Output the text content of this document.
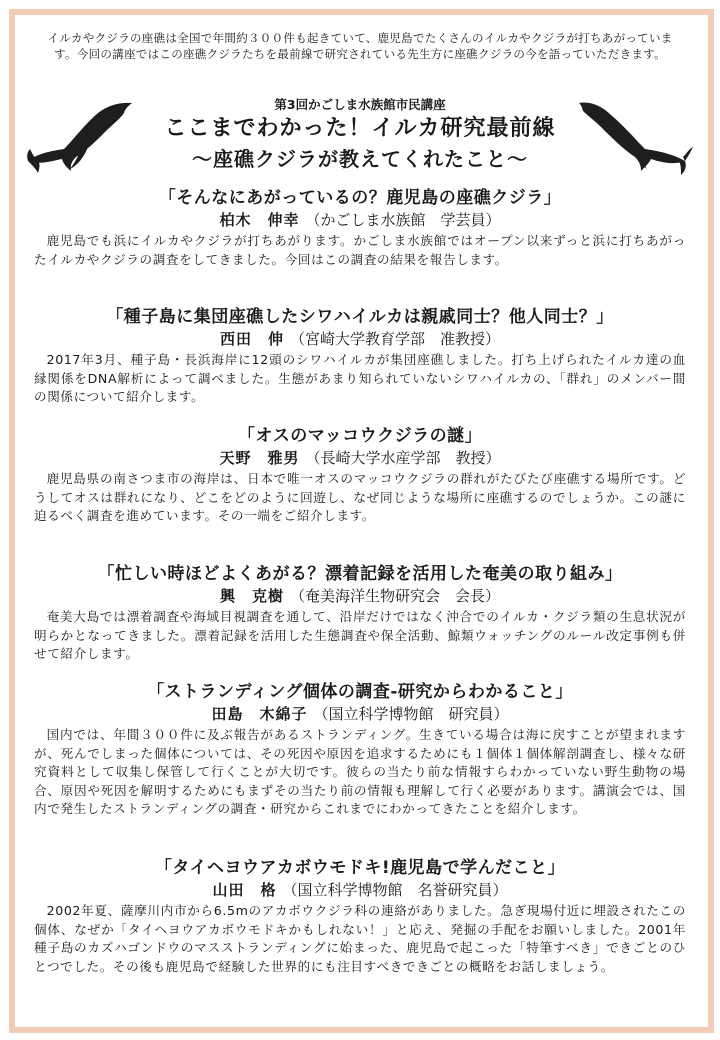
イルカやクジラの座礁は全国で年間約３００件も起きていて、鹿児島でたくさんのイルカやクジラが打ちあがっています。今回の講座ではこの座礁クジラたちを最前線で研究されている先生方に座礁クジラの今を語っていただきます。
第3回かごしま水族館市民講座
ここまでわかった！イルカ研究最前線
〜座礁クジラが教えてくれたこと〜
「そんなにあがっているの？鹿児島の座礁クジラ」
柏木　伸幸 （かごしま水族館　学芸員）
鹿児島でも浜にイルカやクジラが打ちあがります。かごしま水族館ではオープン以来ずっと浜に打ちあがったイルカやクジラの調査をしてきました。今回はこの調査の結果を報告します。
「種子島に集団座礁したシワハイルカは親戚同士？他人同士？」
西田　伸 （宮崎大学教育学部　准教授）
2017年3月、種子島・長浜海岸に12頭のシワハイルカが集団座礁しました。打ち上げられたイルカ達の血縁関係をDNA解析によって調べました。生態があまり知られていないシワハイルカの、「群れ」のメンバー間の関係について紹介します。
「オスのマッコウクジラの謎」
天野　雅男 （長崎大学水産学部　教授）
鹿児島県の南さつま市の海岸は、日本で唯一オスのマッコウクジラの群れがたびたび座礁する場所です。どうしてオスは群れになり、どこをどのように回遊し、なぜ同じような場所に座礁するのでしょうか。この謎に迫るべく調査を進めています。その一端をご紹介します。
「忙しい時ほどよくあがる？漂着記録を活用した奄美の取り組み」
興　克樹 （奄美海洋生物研究会　会長）
奄美大島では漂着調査や海域目視調査を通して、沿岸だけではなく沖合でのイルカ・クジラ類の生息状況が明らかとなってきました。漂着記録を活用した生態調査や保全活動、鯨類ウォッチングのルール改定事例も併せて紹介します。
「ストランディング個体の調査-研究からわかること」
田島　木綿子 （国立科学博物館　研究員）
国内では、年間３００件に及ぶ報告があるストランディング。生きている場合は海に戻すことが望まれますが、死んでしまった個体については、その死因や原因を追求するためにも１個体１個体解剖調査し、様々な研究資料として収集し保管して行くことが大切です。彼らの当たり前な情報すらわかっていない野生動物の場合、原因や死因を解明するためにもまずその当たり前の情報も理解して行く必要があります。講演会では、国内で発生したストランディングの調査・研究からこれまでにわかってきたことを紹介します。
「タイヘヨウアカボウモドキ!鹿児島で学んだこと」
山田　格 （国立科学博物館　名誉研究員）
2002年夏、薩摩川内市から6.5mのアカボウクジラ科の連絡がありました。急ぎ現場付近に埋設されたこの個体、なぜか「タイヘヨウアカボウモドキかもしれない！」と応え、発掘の手配をお願いしました。2001年種子島のカズハゴンドウのマスストランディングに始まった、鹿児島で起こった「特筆すべき」できごとのひとつでした。その後も鹿児島で経験した世界的にも注目すべきできごとの概略をお話しましょう。
